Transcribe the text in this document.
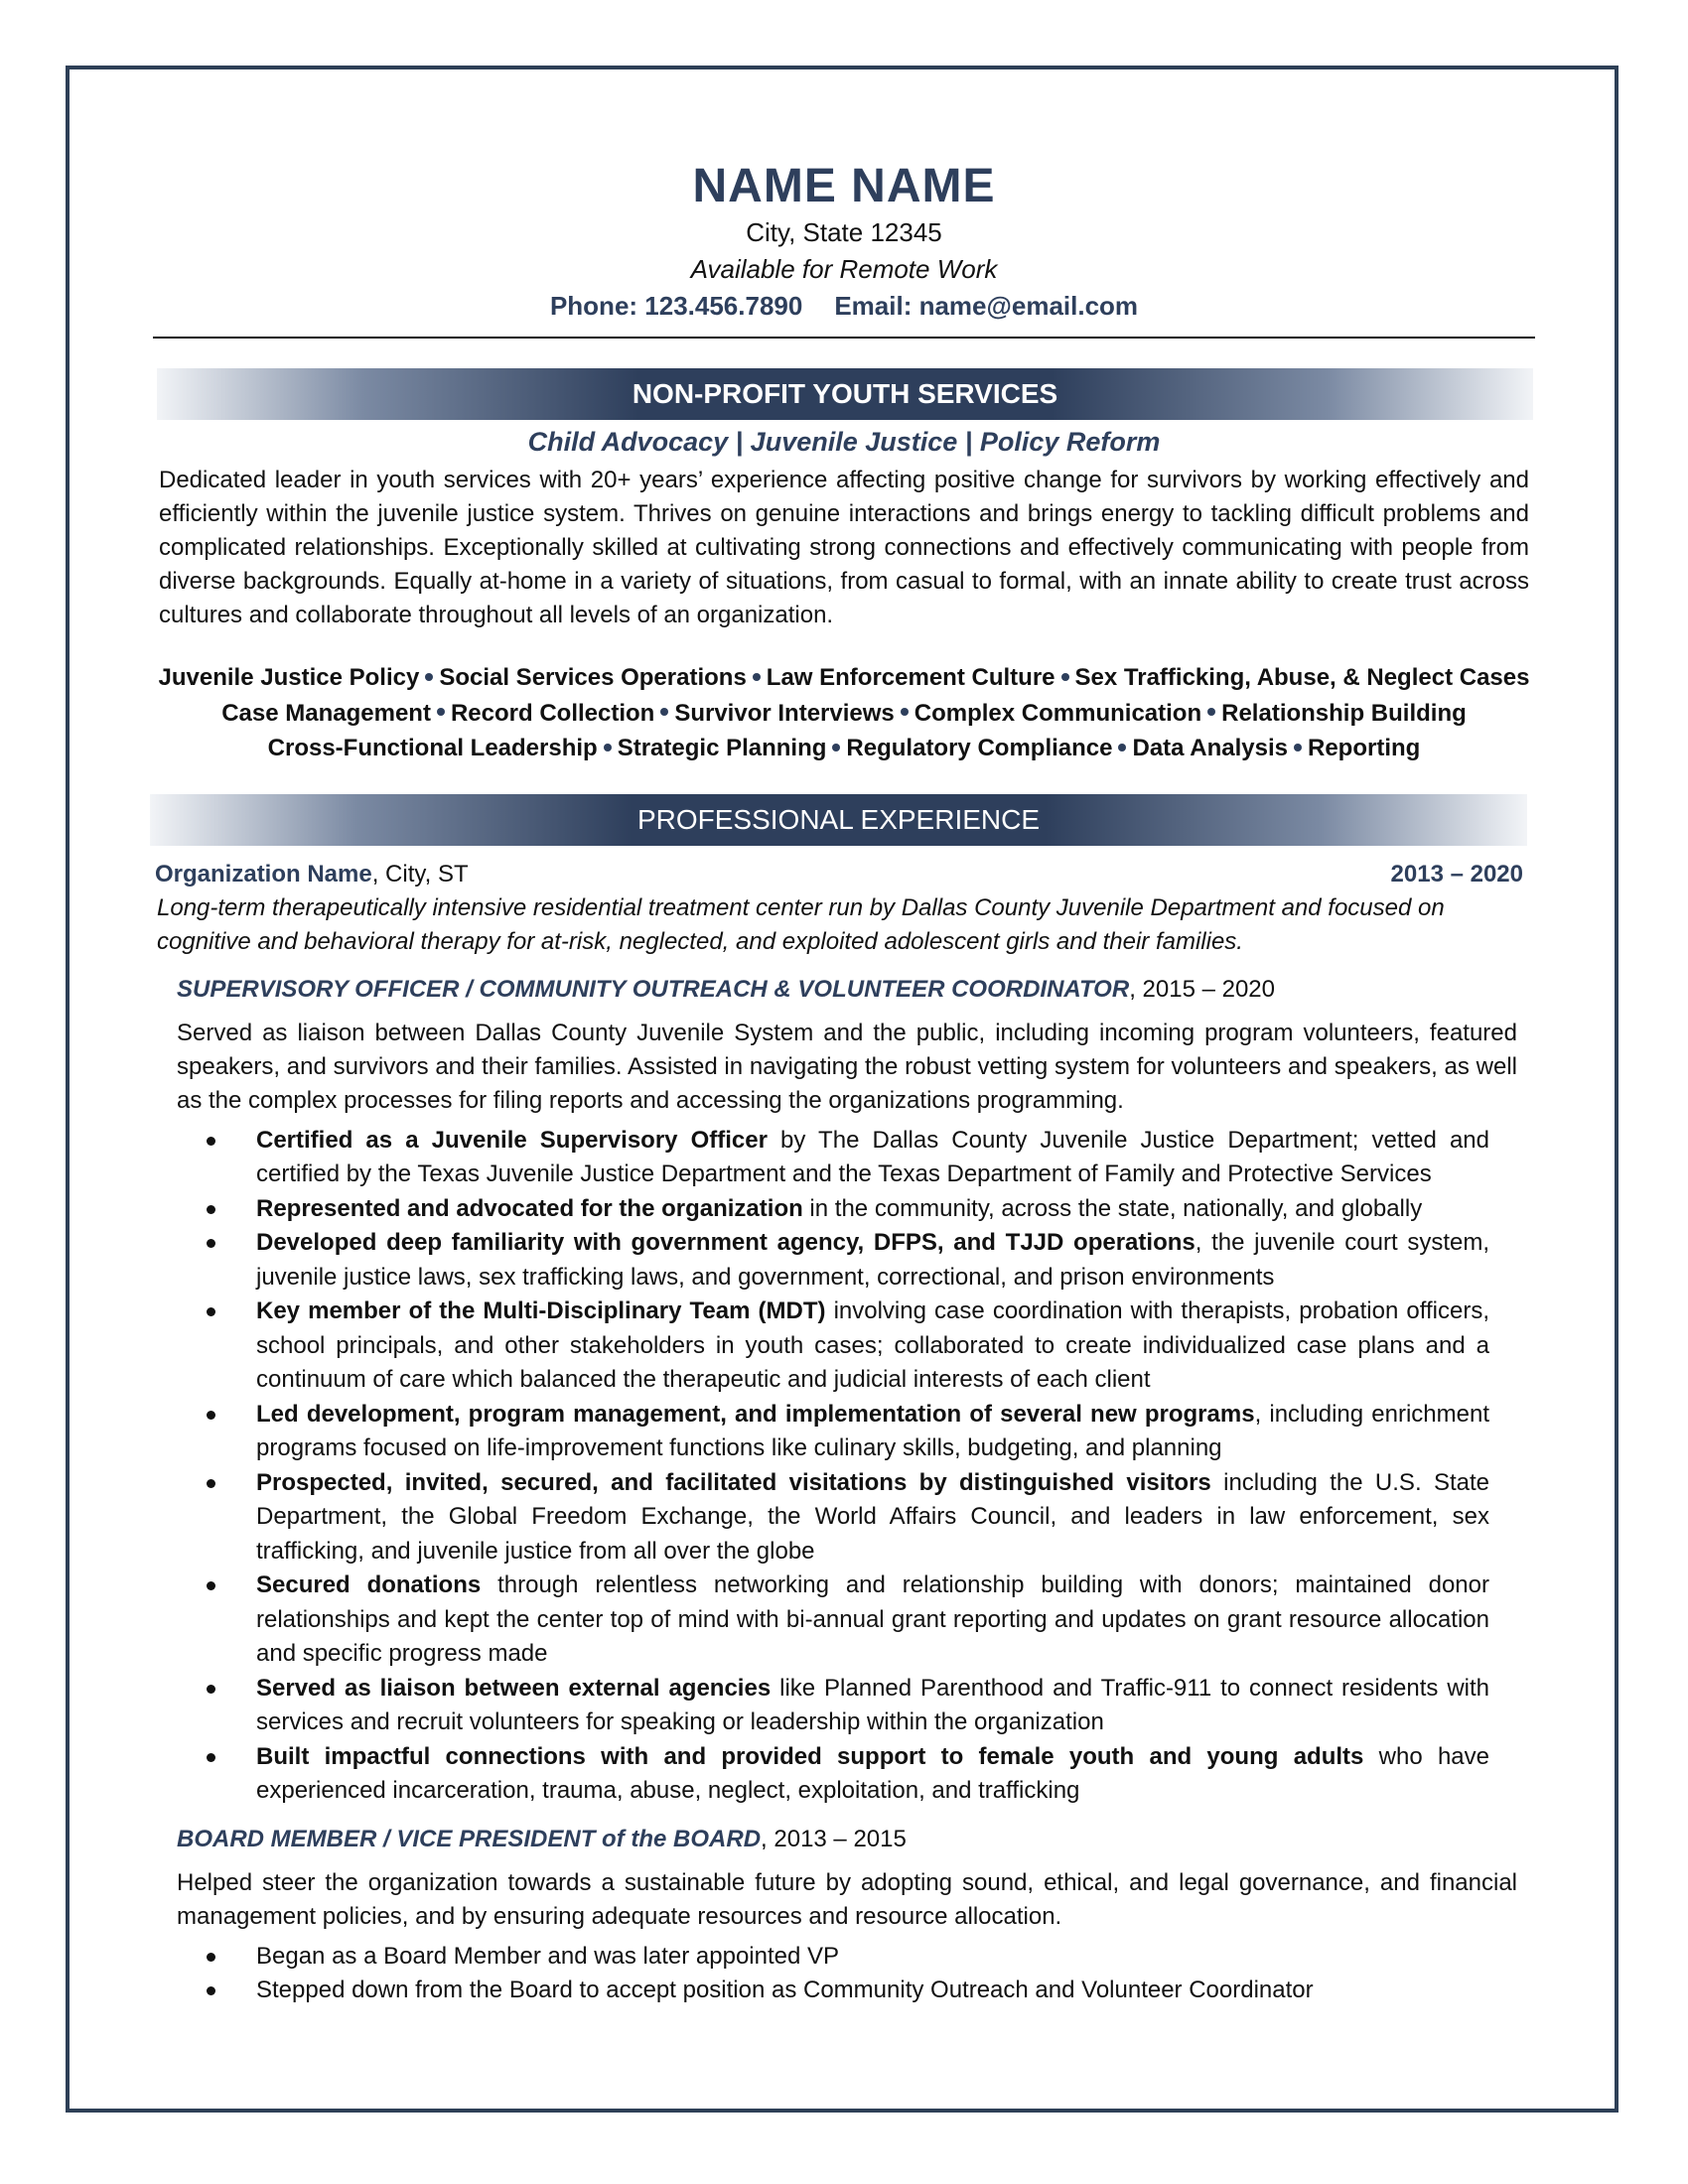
NAME NAME

City, State 12345

Available for Remote Work

Phone: 123.456.7890 Email: name@email.com

NON-PROFIT YOUTH SERVICES
Child Advocacy | Juvenile Justice | Policy Reform

Dedicated leader in youth services with 20+ years’ experience affecting positive change for survivors by working effectively and efficiently within the juvenile justice system. Thrives on genuine interactions and brings energy to tackling difficult problems and complicated relationships. Exceptionally skilled at cultivating strong connections and effectively communicating with people from diverse backgrounds. Equally at-home in a variety of situations, from casual to formal, with an innate ability to create trust across cultures and collaborate throughout all levels of an organization.

Juvenile Justice Policy Social Services Operations Law Enforcement Culture Sex Trafficking, Abuse, & Neglect Cases
Case Management Record Collection Survivor Interviews Complex Communication Relationship Building
Cross-Functional Leadership Strategic Planning Regulatory Compliance Data Analysis Reporting
PROFESSIONAL EXPERIENCE
Organization Name, City, ST	2013 – 2020

Long-term therapeutically intensive residential treatment center run by Dallas County Juvenile Department and focused on cognitive and behavioral therapy for at-risk, neglected, and exploited adolescent girls and their families.

SUPERVISORY OFFICER / COMMUNITY OUTREACH & VOLUNTEER COORDINATOR, 2015 – 2020

Served as liaison between Dallas County Juvenile System and the public, including incoming program volunteers, featured speakers, and survivors and their families. Assisted in navigating the robust vetting system for volunteers and speakers, as well as the complex processes for filing reports and accessing the organizations programming.

Certified as a Juvenile Supervisory Officer by The Dallas County Juvenile Justice Department; vetted and certified by the Texas Juvenile Justice Department and the Texas Department of Family and Protective Services
Represented and advocated for the organization in the community, across the state, nationally, and globally
Developed deep familiarity with government agency, DFPS, and TJJD operations, the juvenile court system, juvenile justice laws, sex trafficking laws, and government, correctional, and prison environments
Key member of the Multi-Disciplinary Team (MDT) involving case coordination with therapists, probation officers, school principals, and other stakeholders in youth cases; collaborated to create individualized case plans and a continuum of care which balanced the therapeutic and judicial interests of each client
Led development, program management, and implementation of several new programs, including enrichment programs focused on life-improvement functions like culinary skills, budgeting, and planning
Prospected, invited, secured, and facilitated visitations by distinguished visitors including the U.S. State Department, the Global Freedom Exchange, the World Affairs Council, and leaders in law enforcement, sex trafficking, and juvenile justice from all over the globe
Secured donations through relentless networking and relationship building with donors; maintained donor relationships and kept the center top of mind with bi-annual grant reporting and updates on grant resource allocation and specific progress made
Served as liaison between external agencies like Planned Parenthood and Traffic-911 to connect residents with services and recruit volunteers for speaking or leadership within the organization
Built impactful connections with and provided support to female youth and young adults who have experienced incarceration, trauma, abuse, neglect, exploitation, and trafficking
BOARD MEMBER / VICE PRESIDENT of the BOARD, 2013 – 2015

Helped steer the organization towards a sustainable future by adopting sound, ethical, and legal governance, and financial management policies, and by ensuring adequate resources and resource allocation.

Began as a Board Member and was later appointed VP
Stepped down from the Board to accept position as Community Outreach and Volunteer Coordinator
